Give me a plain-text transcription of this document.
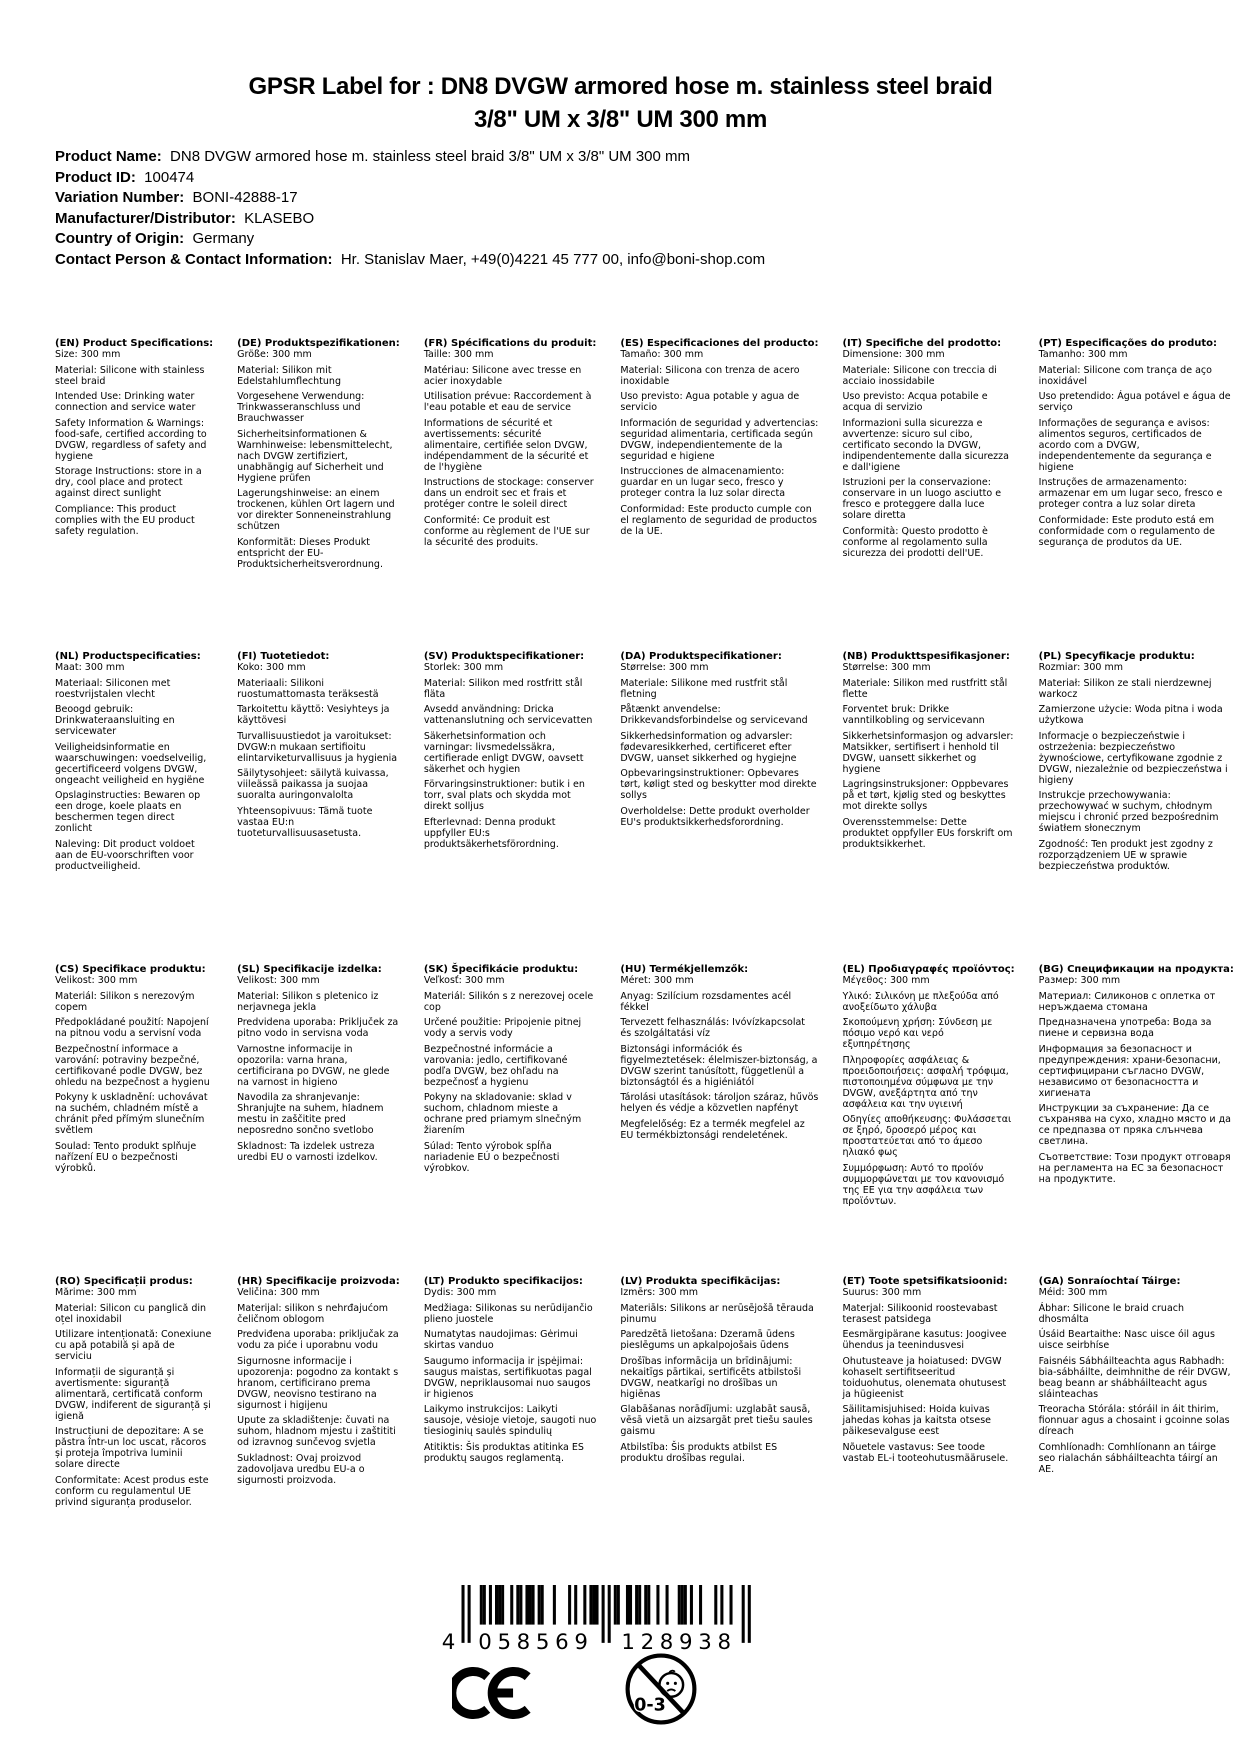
GPSR Label for : DN8 DVGW armored hose m. stainless steel braid
3/8" UM x 3/8" UM 300 mm
Product Name:  DN8 DVGW armored hose m. stainless steel braid 3/8" UM x 3/8" UM 300 mm
Product ID:  100474
Variation Number:  BONI-42888-17
Manufacturer/Distributor:  KLASEBO
Country of Origin:  Germany
Contact Person & Contact Information:  Hr. Stanislav Maer, +49(0)4221 45 777 00, info@boni-shop.com
(EN) Product Specifications:
Size: 300 mm
Material: Silicone with stainless steel braid
Intended Use: Drinking water connection and service water
Safety Information & Warnings: food-safe, certified according to DVGW, regardless of safety and hygiene
Storage Instructions: store in a dry, cool place and protect against direct sunlight
Compliance: This product complies with the EU product safety regulation.
(DE) Produktspezifikationen:
Größe: 300 mm
Material: Silikon mit Edelstahlumflechtung
Vorgesehene Verwendung: Trinkwasseranschluss und Brauchwasser
Sicherheitsinformationen & Warnhinweise: lebensmittelecht, nach DVGW zertifiziert, unabhängig auf Sicherheit und Hygiene prüfen
Lagerungshinweise: an einem trockenen, kühlen Ort lagern und vor direkter Sonneneinstrahlung schützen
Konformität: Dieses Produkt entspricht der EU-Produktsicherheitsverordnung.
(FR) Spécifications du produit:
Taille: 300 mm
Matériau: Silicone avec tresse en acier inoxydable
Utilisation prévue: Raccordement à l'eau potable et eau de service
Informations de sécurité et avertissements: sécurité alimentaire, certifiée selon DVGW, indépendamment de la sécurité et de l'hygiène
Instructions de stockage: conserver dans un endroit sec et frais et protéger contre le soleil direct
Conformité: Ce produit est conforme au règlement de l'UE sur la sécurité des produits.
(ES) Especificaciones del producto:
Tamaño: 300 mm
Material: Silicona con trenza de acero inoxidable
Uso previsto: Agua potable y agua de servicio
Información de seguridad y advertencias: seguridad alimentaria, certificada según DVGW, independientemente de la seguridad e higiene
Instrucciones de almacenamiento: guardar en un lugar seco, fresco y proteger contra la luz solar directa
Conformidad: Este producto cumple con el reglamento de seguridad de productos de la UE.
(IT) Specifiche del prodotto:
Dimensione: 300 mm
Materiale: Silicone con treccia di acciaio inossidabile
Uso previsto: Acqua potabile e acqua di servizio
Informazioni sulla sicurezza e avvertenze: sicuro sul cibo, certificato secondo la DVGW, indipendentemente dalla sicurezza e dall'igiene
Istruzioni per la conservazione: conservare in un luogo asciutto e fresco e proteggere dalla luce solare diretta
Conformità: Questo prodotto è conforme al regolamento sulla sicurezza dei prodotti dell'UE.
(PT) Especificações do produto:
Tamanho: 300 mm
Material: Silicone com trança de aço inoxidável
Uso pretendido: Água potável e água de serviço
Informações de segurança e avisos: alimentos seguros, certificados de acordo com a DVGW, independentemente da segurança e higiene
Instruções de armazenamento: armazenar em um lugar seco, fresco e proteger contra a luz solar direta
Conformidade: Este produto está em conformidade com o regulamento de segurança de produtos da UE.
(NL) Productspecificaties:
Maat: 300 mm
Materiaal: Siliconen met roestvrijstalen vlecht
Beoogd gebruik: Drinkwateraansluiting en servicewater
Veiligheidsinformatie en waarschuwingen: voedselveilig, gecertificeerd volgens DVGW, ongeacht veiligheid en hygiëne
Opslaginstructies: Bewaren op een droge, koele plaats en beschermen tegen direct zonlicht
Naleving: Dit product voldoet aan de EU-voorschriften voor productveiligheid.
(FI) Tuotetiedot:
Koko: 300 mm
Materiaali: Silikoni ruostumattomasta teräksestä
Tarkoitettu käyttö: Vesiyhteys ja käyttövesi
Turvallisuustiedot ja varoitukset: DVGW:n mukaan sertifioitu elintarviketurvallisuus ja hygienia
Säilytysohjeet: säilytä kuivassa, viileässä paikassa ja suojaa suoralta auringonvalolta
Yhteensopivuus: Tämä tuote vastaa EU:n tuoteturvallisuusasetusta.
(SV) Produktspecifikationer:
Storlek: 300 mm
Material: Silikon med rostfritt stål fläta
Avsedd användning: Dricka vattenanslutning och servicevatten
Säkerhetsinformation och varningar: livsmedelssäkra, certifierade enligt DVGW, oavsett säkerhet och hygien
Förvaringsinstruktioner: butik i en torr, sval plats och skydda mot direkt solljus
Efterlevnad: Denna produkt uppfyller EU:s produktsäkerhetsförordning.
(DA) Produktspecifikationer:
Størrelse: 300 mm
Materiale: Silikone med rustfrit stål fletning
Påtænkt anvendelse: Drikkevandsforbindelse og servicevand
Sikkerhedsinformation og advarsler: fødevaresikkerhed, certificeret efter DVGW, uanset sikkerhed og hygiejne
Opbevaringsinstruktioner: Opbevares tørt, køligt sted og beskytter mod direkte sollys
Overholdelse: Dette produkt overholder EU's produktsikkerhedsforordning.
(NB) Produkttspesifikasjoner:
Størrelse: 300 mm
Materiale: Silikon med rustfritt stål flette
Forventet bruk: Drikke vanntilkobling og servicevann
Sikkerhetsinformasjon og advarsler: Matsikker, sertifisert i henhold til DVGW, uansett sikkerhet og hygiene
Lagringsinstruksjoner: Oppbevares på et tørt, kjølig sted og beskyttes mot direkte sollys
Overensstemmelse: Dette produktet oppfyller EUs forskrift om produktsikkerhet.
(PL) Specyfikacje produktu:
Rozmiar: 300 mm
Materiał: Silikon ze stali nierdzewnej warkocz
Zamierzone użycie: Woda pitna i woda użytkowa
Informacje o bezpieczeństwie i ostrzeżenia: bezpieczeństwo żywnościowe, certyfikowane zgodnie z DVGW, niezależnie od bezpieczeństwa i higieny
Instrukcje przechowywania: przechowywać w suchym, chłodnym miejscu i chronić przed bezpośrednim światłem słonecznym
Zgodność: Ten produkt jest zgodny z rozporządzeniem UE w sprawie bezpieczeństwa produktów.
(CS) Specifikace produktu:
Velikost: 300 mm
Materiál: Silikon s nerezovým copem
Předpokládané použití: Napojení na pitnou vodu a servisní voda
Bezpečnostní informace a varování: potraviny bezpečné, certifikované podle DVGW, bez ohledu na bezpečnost a hygienu
Pokyny k uskladnění: uchovávat na suchém, chladném místě a chránit před přímým slunečním světlem
Soulad: Tento produkt splňuje nařízení EU o bezpečnosti výrobků.
(SL) Specifikacije izdelka:
Velikost: 300 mm
Material: Silikon s pletenico iz nerjavnega jekla
Predvidena uporaba: Priključek za pitno vodo in servisna voda
Varnostne informacije in opozorila: varna hrana, certificirana po DVGW, ne glede na varnost in higieno
Navodila za shranjevanje: Shranjujte na suhem, hladnem mestu in zaščitite pred neposredno sončno svetlobo
Skladnost: Ta izdelek ustreza uredbi EU o varnosti izdelkov.
(SK) Špecifikácie produktu:
Veľkosť: 300 mm
Materiál: Silikón s z nerezovej ocele cop
Určené použitie: Pripojenie pitnej vody a servis vody
Bezpečnostné informácie a varovania: jedlo, certifikované podľa DVGW, bez ohľadu na bezpečnosť a hygienu
Pokyny na skladovanie: sklad v suchom, chladnom mieste a ochrane pred priamym slnečným žiarením
Súlad: Tento výrobok spĺňa nariadenie EÚ o bezpečnosti výrobkov.
(HU) Termékjellemzők:
Méret: 300 mm
Anyag: Szilícium rozsdamentes acél fékkel
Tervezett felhasználás: Ivóvízkapcsolat és szolgáltatási víz
Biztonsági információk és figyelmeztetések: élelmiszer-biztonság, a DVGW szerint tanúsított, függetlenül a biztonságtól és a higiéniától
Tárolási utasítások: tároljon száraz, hűvös helyen és védje a közvetlen napfényt
Megfelelőség: Ez a termék megfelel az EU termékbiztonsági rendeletének.
(EL) Προδιαγραφές προϊόντος:
Μέγεθος: 300 mm
Υλικό: Σιλικόνη με πλεξούδα από ανοξείδωτο χάλυβα
Σκοπούμενη χρήση: Σύνδεση με πόσιμο νερό και νερό εξυπηρέτησης
Πληροφορίες ασφάλειας & προειδοποιήσεις: ασφαλή τρόφιμα, πιστοποιημένα σύμφωνα με την DVGW, ανεξάρτητα από την ασφάλεια και την υγιεινή
Οδηγίες αποθήκευσης: Φυλάσσεται σε ξηρό, δροσερό μέρος και προστατεύεται από το άμεσο ηλιακό φως
Συμμόρφωση: Αυτό το προϊόν συμμορφώνεται με τον κανονισμό της ΕΕ για την ασφάλεια των προϊόντων.
(BG) Спецификации на продукта:
Размер: 300 mm
Материал: Силиконов с оплетка от неръждаема стомана
Предназначена употреба: Вода за пиене и сервизна вода
Информация за безопасност и предупреждения: храни-безопасни, сертифицирани съгласно DVGW, независимо от безопасността и хигиената
Инструкции за съхранение: Да се съхранява на сухо, хладно място и да се предпазва от пряка слънчева светлина.
Съответствие: Този продукт отговаря на регламента на ЕС за безопасност на продуктите.
(RO) Specificații produs:
Mărime: 300 mm
Material: Silicon cu panglică din oțel inoxidabil
Utilizare intenționată: Conexiune cu apă potabilă și apă de serviciu
Informații de siguranță și avertismente: siguranță alimentară, certificată conform DVGW, indiferent de siguranță și igienă
Instrucțiuni de depozitare: A se păstra într-un loc uscat, răcoros și proteja împotriva luminii solare directe
Conformitate: Acest produs este conform cu regulamentul UE privind siguranța produselor.
(HR) Specifikacije proizvoda:
Veličina: 300 mm
Materijal: silikon s nehrđajućom čeličnom oblogom
Predviđena uporaba: priključak za vodu za piće i uporabnu vodu
Sigurnosne informacije i upozorenja: pogodno za kontakt s hranom, certificirano prema DVGW, neovisno testirano na sigurnost i higijenu
Upute za skladištenje: čuvati na suhom, hladnom mjestu i zaštititi od izravnog sunčevog svjetla
Sukladnost: Ovaj proizvod zadovoljava uredbu EU-a o sigurnosti proizvoda.
(LT) Produkto specifikacijos:
Dydis: 300 mm
Medžiaga: Silikonas su nerūdijančio plieno juostele
Numatytas naudojimas: Gėrimui skirtas vanduo
Saugumo informacija ir įspėjimai: saugus maistas, sertifikuotas pagal DVGW, nepriklausomai nuo saugos ir higienos
Laikymo instrukcijos: Laikyti sausoje, vėsioje vietoje, saugoti nuo tiesioginių saulės spindulių
Atitiktis: Šis produktas atitinka ES produktų saugos reglamentą.
(LV) Produkta specifikācijas:
Izmērs: 300 mm
Materiāls: Silikons ar nerūsējošā tērauda pinumu
Paredzētā lietošana: Dzeramā ūdens pieslēgums un apkalpojošais ūdens
Drošības informācija un brīdinājumi: nekaitīgs pārtikai, sertificēts atbilstoši DVGW, neatkarīgi no drošības un higiēnas
Glabāšanas norādījumi: uzglabāt sausā, vēsā vietā un aizsargāt pret tiešu saules gaismu
Atbilstība: Šis produkts atbilst ES produktu drošības regulai.
(ET) Toote spetsifikatsioonid:
Suurus: 300 mm
Materjal: Silikoonid roostevabast terasest patsidega
Eesmärgipärane kasutus: Joogivee ühendus ja teenindusvesi
Ohutusteave ja hoiatused: DVGW kohaselt sertifitseeritud toiduohutus, olenemata ohutusest ja hügieenist
Säilitamisjuhised: Hoida kuivas jahedas kohas ja kaitsta otsese päikesevalguse eest
Nõuetele vastavus: See toode vastab EL-i tooteohutusmäärusele.
(GA) Sonraíochtaí Táirge:
Méid: 300 mm
Ábhar: Silicone le braid cruach dhosmálta
Úsáid Beartaithe: Nasc uisce óil agus uisce seirbhíse
Faisnéis Sábháilteachta agus Rabhadh: bia-sábháilte, deimhnithe de réir DVGW, beag beann ar shábháilteacht agus sláinteachas
Treoracha Stórála: stóráil in áit thirim, fionnuar agus a chosaint i gcoinne solas díreach
Comhlíonadh: Comhlíonann an táirge seo rialachán sábháilteachta táirgí an AE.
4	058569	128938
0-3
